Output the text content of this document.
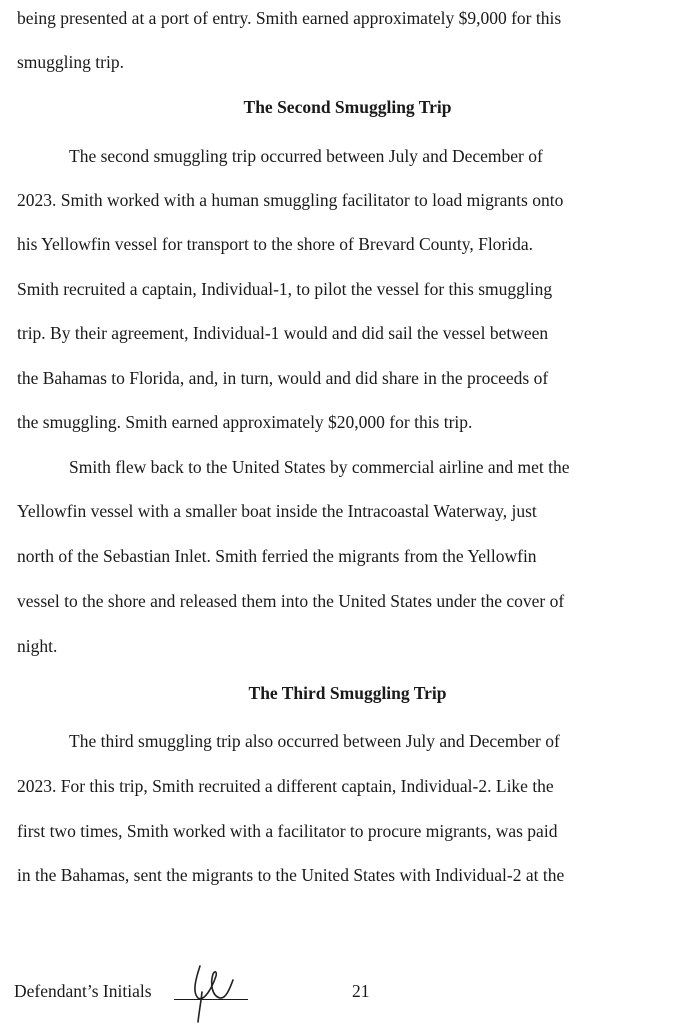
being presented at a port of entry. Smith earned approximately $9,000 for this
smuggling trip.
The Second Smuggling Trip
The second smuggling trip occurred between July and December of
2023. Smith worked with a human smuggling facilitator to load migrants onto
his Yellowfin vessel for transport to the shore of Brevard County, Florida.
Smith recruited a captain, Individual-1, to pilot the vessel for this smuggling
trip. By their agreement, Individual-1 would and did sail the vessel between
the Bahamas to Florida, and, in turn, would and did share in the proceeds of
the smuggling. Smith earned approximately $20,000 for this trip.
Smith flew back to the United States by commercial airline and met the
Yellowfin vessel with a smaller boat inside the Intracoastal Waterway, just
north of the Sebastian Inlet. Smith ferried the migrants from the Yellowfin
vessel to the shore and released them into the United States under the cover of
night.
The Third Smuggling Trip
The third smuggling trip also occurred between July and December of
2023. For this trip, Smith recruited a different captain, Individual-2. Like the
first two times, Smith worked with a facilitator to procure migrants, was paid
in the Bahamas, sent the migrants to the United States with Individual-2 at the
Defendant’s Initials	21
